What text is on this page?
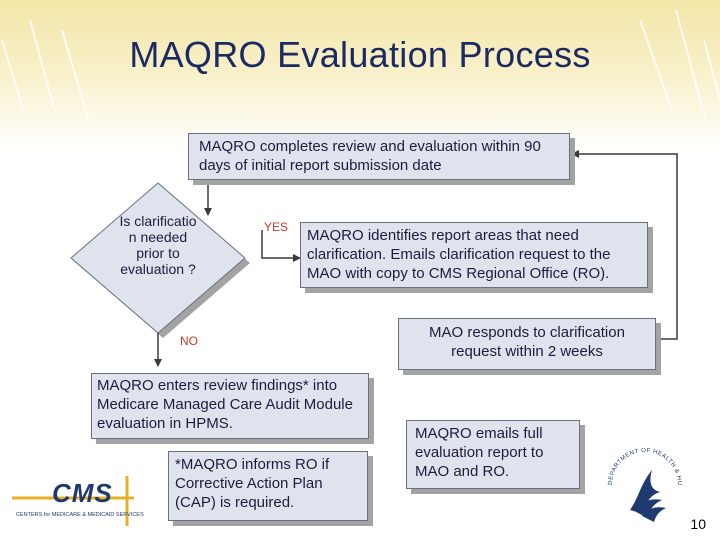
MAQRO Evaluation Process
MAQRO completes review and evaluation within 90 days of initial report submission date
Is clarificatio n needed prior to evaluation ?
YES
NO
MAQRO identifies report areas that need clarification. Emails clarification request to the MAO with copy to CMS Regional Office (RO).
MAO responds to clarification request within 2 weeks
MAQRO enters review findings* into Medicare Managed Care Audit Module evaluation in HPMS.
*MAQRO informs RO if Corrective Action Plan (CAP) is required.
MAQRO emails full evaluation report to MAO and RO.
CMS
CENTERS for MEDICARE & MEDICAID SERVICES
DEPARTMENT OF HEALTH & HU
10
